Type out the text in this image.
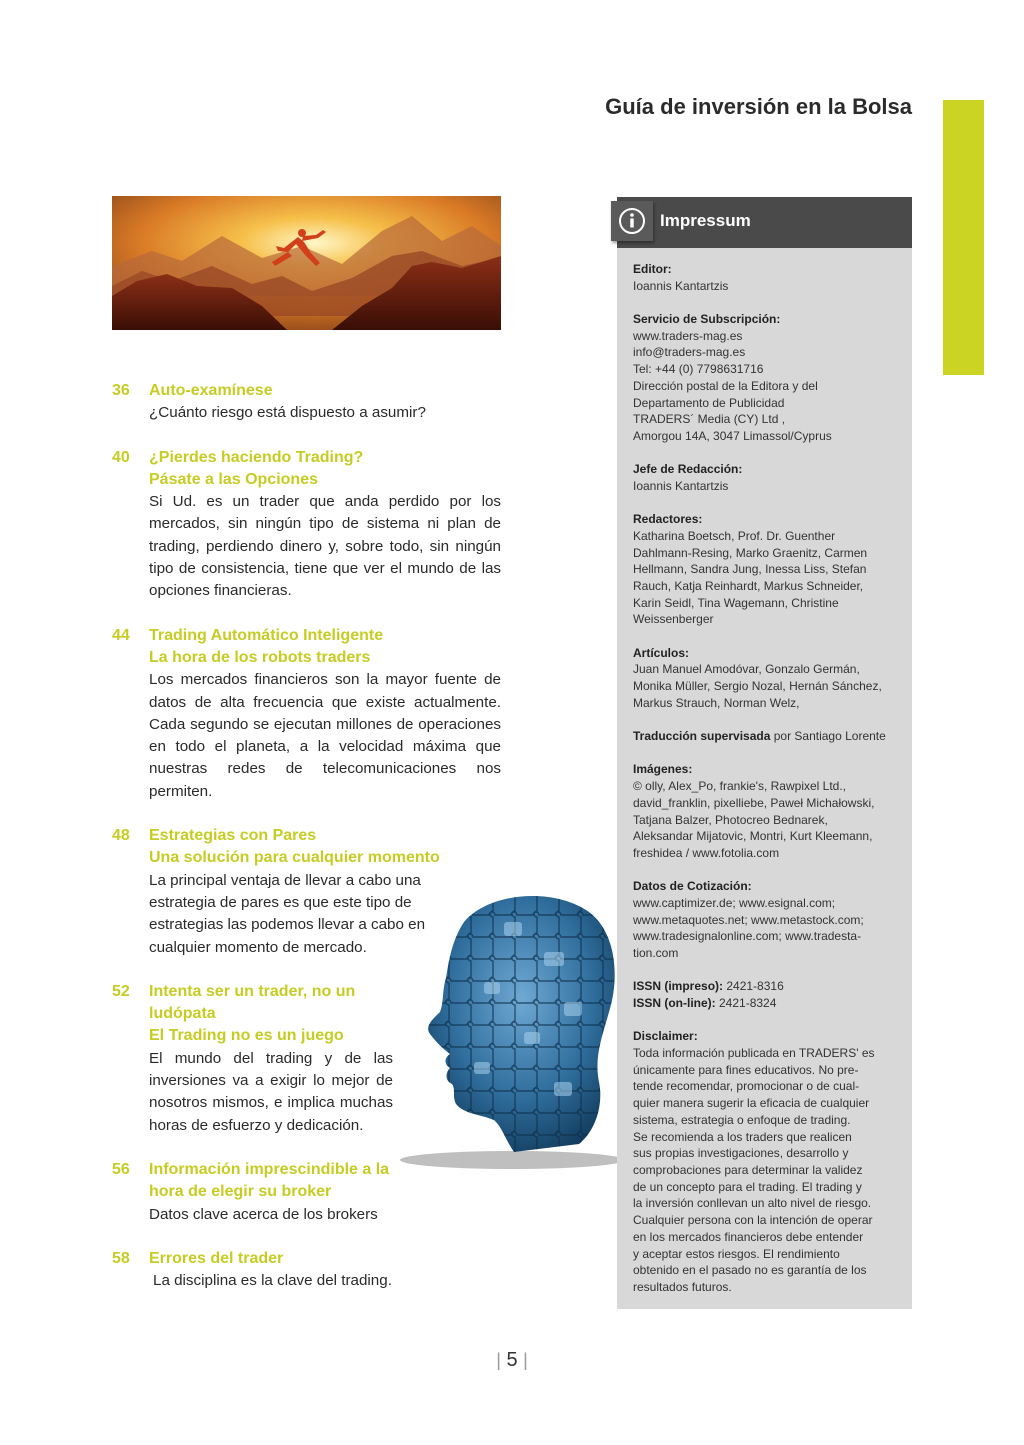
Guía de inversión en la Bolsa
36	Auto-examínese
¿Cuánto riesgo está dispuesto a asumir?
40	¿Pierdes haciendo Trading?
Pásate a las Opciones
Si Ud. es un trader que anda perdido por los mercados, sin ningún tipo de sistema ni plan de trading, perdiendo dinero y, sobre todo, sin ningún tipo de consistencia, tiene que ver el mundo de las opciones financieras.
44	Trading Automático Inteligente
La hora de los robots traders
Los mercados financieros son la mayor fuente de datos de alta frecuencia que existe actualmente. Cada segundo se ejecutan millones de operaciones en todo el planeta, a la velocidad máxima que nuestras redes de telecomunicaciones nos permiten.
48	Estrategias con Pares
Una solución para cualquier momento
La principal ventaja de llevar a cabo una estrategia de pares es que este tipo de estrategias las podemos llevar a cabo en cualquier momento de mercado.
52	Intenta ser un trader, no un ludópata
El Trading no es un juego
El mundo del trading y de las inversiones va a exigir lo mejor de nosotros mismos, e implica muchas horas de esfuerzo y dedicación.
56	Información imprescindible a la hora de elegir su broker
Datos clave acerca de los brokers
58	Errores del trader
La disciplina es la clave del trading.
Impressum
Editor:
Ioannis Kantartzis
Servicio de Subscripción:
www.traders-mag.es
info@traders-mag.es
Tel: +44 (0) 7798631716
Dirección postal de la Editora y del
Departamento de Publicidad
TRADERS´ Media (CY) Ltd ,
Amorgou 14A, 3047 Limassol/Cyprus
Jefe de Redacción:
Ioannis Kantartzis
Redactores:
Katharina Boetsch, Prof. Dr. Guenther
Dahlmann-Resing, Marko Graenitz, Carmen
Hellmann, Sandra Jung, Inessa Liss, Stefan
Rauch, Katja Reinhardt, Markus Schneider,
Karin Seidl, Tina Wagemann, Christine
Weissenberger
Artículos:
Juan Manuel Amodóvar, Gonzalo Germán,
Monika Müller, Sergio Nozal, Hernán Sánchez,
Markus Strauch, Norman Welz,
Traducción supervisada por Santiago Lorente
Imágenes:
© olly, Alex_Po, frankie's, Rawpixel Ltd.,
david_franklin, pixelliebe, Paweł Michałowski,
Tatjana Balzer, Photocreo Bednarek,
Aleksandar Mijatovic, Montri, Kurt Kleemann,
freshidea / www.fotolia.com
Datos de Cotización:
www.captimizer.de; www.esignal.com;
www.metaquotes.net; www.metastock.com;
www.tradesignalonline.com; www.tradesta-
tion.com
ISSN (impreso): 2421-8316
ISSN (on-line): 2421-8324
Disclaimer:
Toda información publicada en TRADERS' es
únicamente para fines educativos. No pre-
tende recomendar, promocionar o de cual-
quier manera sugerir la eficacia de cualquier
sistema, estrategia o enfoque de trading.
Se recomienda a los traders que realicen
sus propias investigaciones, desarrollo y
comprobaciones para determinar la validez
de un concepto para el trading. El trading y
la inversión conllevan un alto nivel de riesgo.
Cualquier persona con la intención de operar
en los mercados financieros debe entender
y aceptar estos riesgos. El rendimiento
obtenido en el pasado no es garantía de los
resultados futuros.
| 5 |
